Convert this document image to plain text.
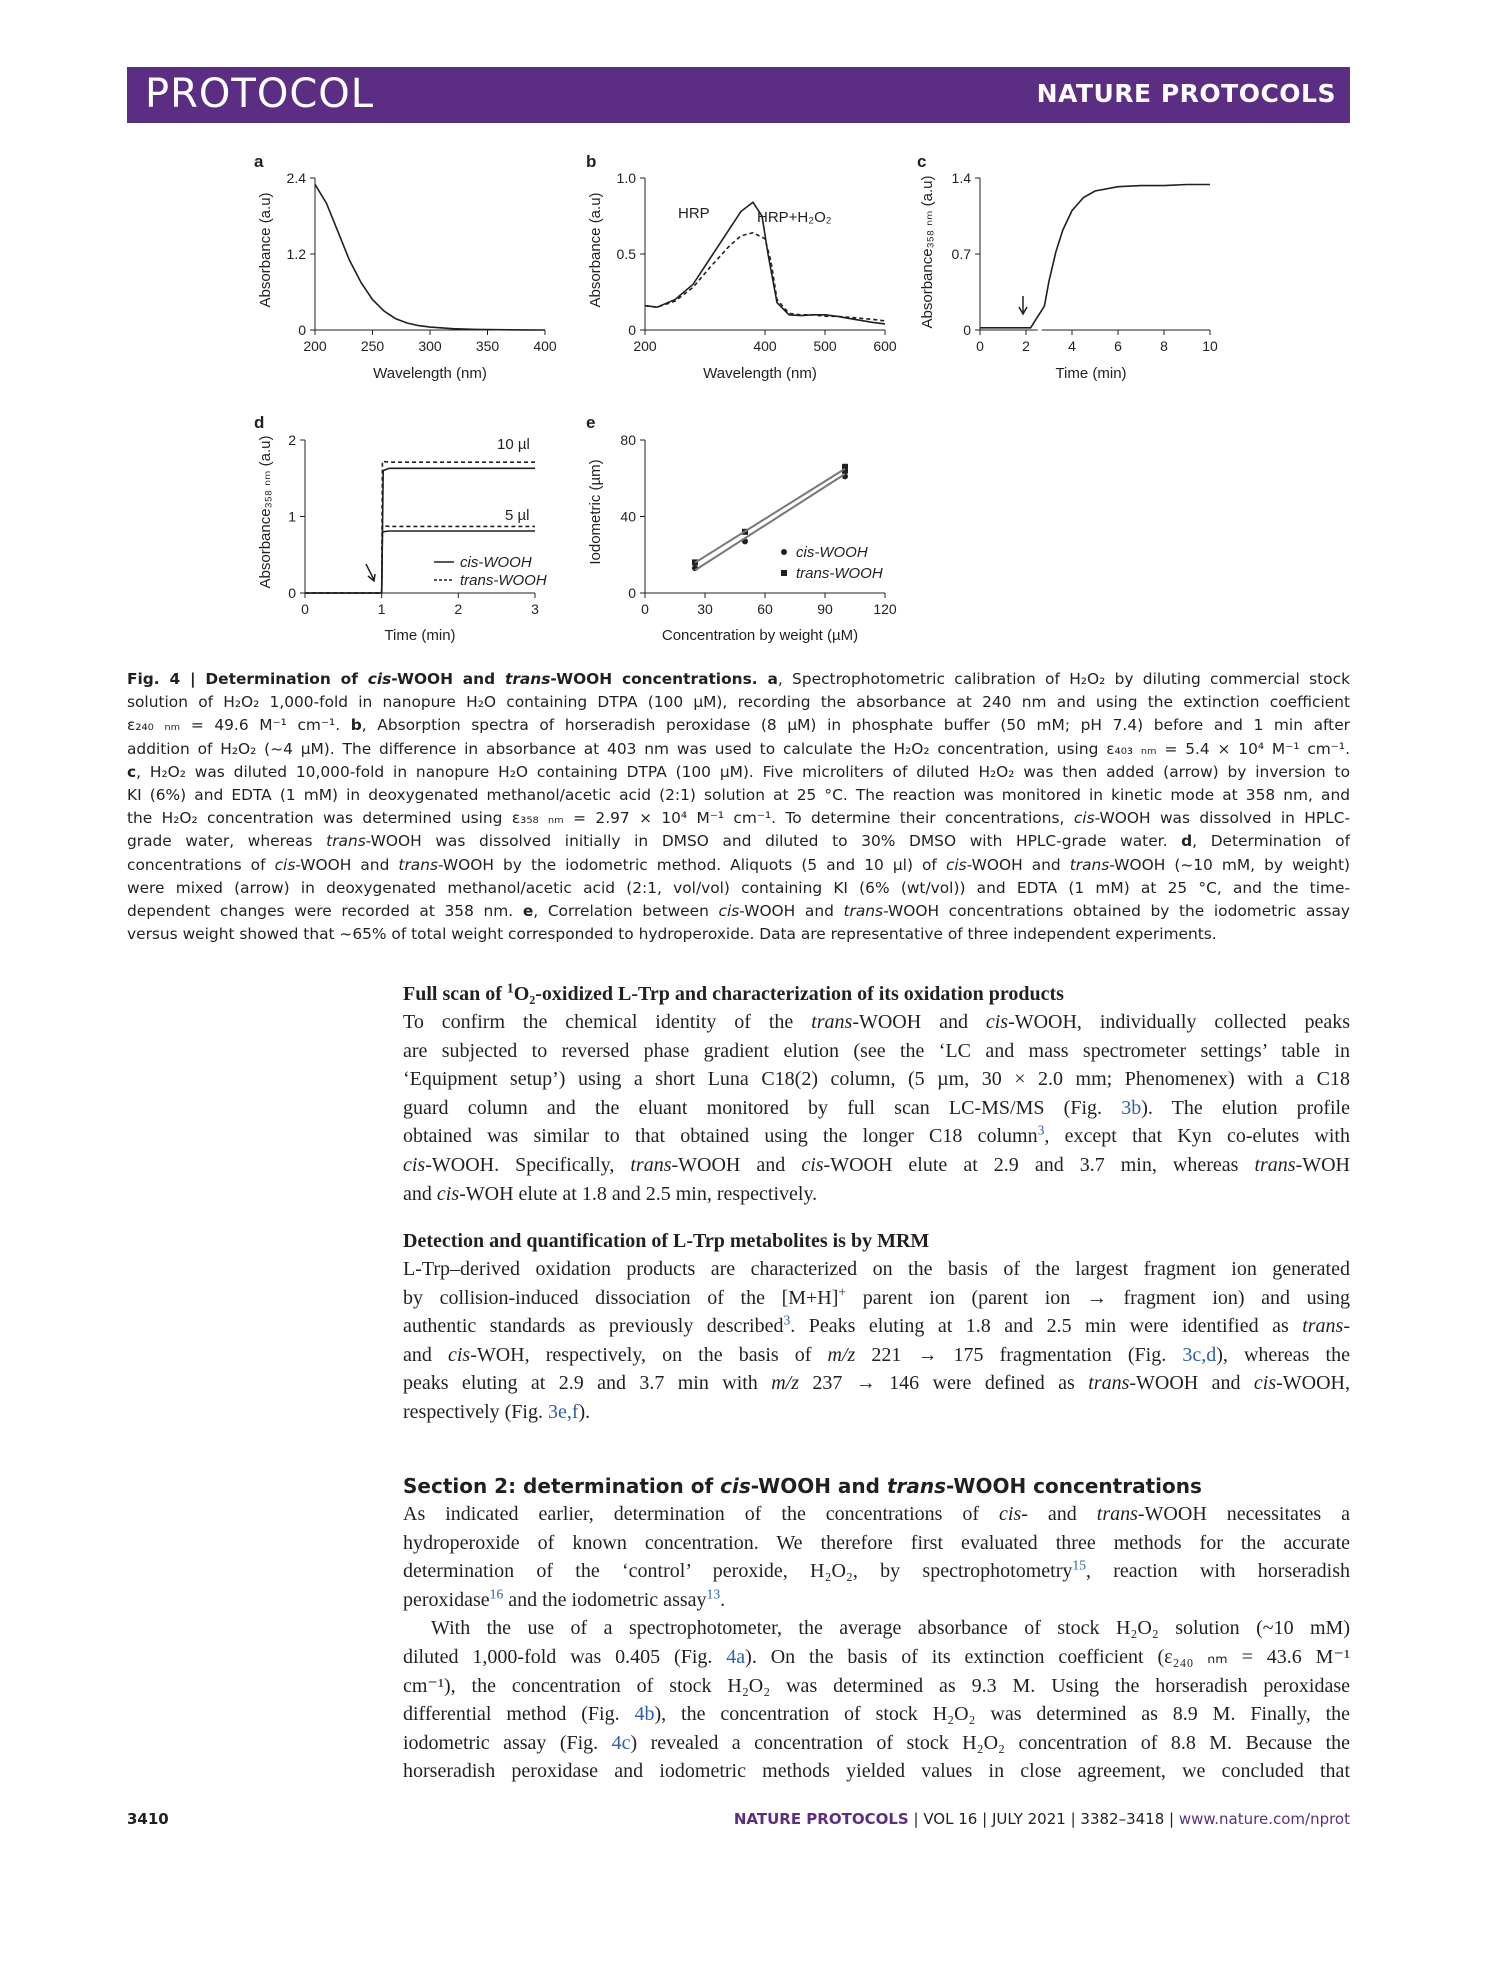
PROTOCOL	NATURE PROTOCOLS
a
Absorbance (a.u)
Wavelength (nm)
b
Absorbance (a.u)
Wavelength (nm)
HRP	HRP+H₂O₂
c
Absorbance₃₅₈ ₙₘ (a.u)
Time (min)
d
Absorbance₃₅₈ ₙₘ (a.u)
Time (min)
10 µl
5 µl
cis-WOOH
trans-WOOH
e
Iodometric (µm)
Concentration by weight (µM)
cis-WOOH
trans-WOOH
200 250 300 350 400
0
1.2
2.4
200	400	500	600
0
0.5
1.0
0	2	4	6	8 10
0
0.7
1.4
0	1	2	3
0
1
2
0	30	60	90	120
0
40
80
Fig. 4 | Determination of cis-WOOH and trans-WOOH concentrations. a, Spectrophotometric calibration of H₂O₂ by diluting commercial stock
solution of H₂O₂ 1,000-fold in nanopure H₂O containing DTPA (100 µM), recording the absorbance at 240 nm and using the extinction coefficient
ε₂₄₀ ₙₘ = 49.6 M⁻¹ cm⁻¹. b, Absorption spectra of horseradish peroxidase (8 µM) in phosphate buffer (50 mM; pH 7.4) before and 1 min after
addition of H₂O₂ (~4 µM). The difference in absorbance at 403 nm was used to calculate the H₂O₂ concentration, using ε₄₀₃ ₙₘ = 5.4 × 10⁴ M⁻¹ cm⁻¹.
c, H₂O₂ was diluted 10,000-fold in nanopure H₂O containing DTPA (100 µM). Five microliters of diluted H₂O₂ was then added (arrow) by inversion to
KI (6%) and EDTA (1 mM) in deoxygenated methanol/acetic acid (2:1) solution at 25 °C. The reaction was monitored in kinetic mode at 358 nm, and
the H₂O₂ concentration was determined using ε₃₅₈ ₙₘ = 2.97 × 10⁴ M⁻¹ cm⁻¹. To determine their concentrations, cis-WOOH was dissolved in HPLC-
grade water, whereas trans-WOOH was dissolved initially in DMSO and diluted to 30% DMSO with HPLC-grade water. d, Determination of
concentrations of cis-WOOH and trans-WOOH by the iodometric method. Aliquots (5 and 10 µl) of cis-WOOH and trans-WOOH (~10 mM, by weight)
were mixed (arrow) in deoxygenated methanol/acetic acid (2:1, vol/vol) containing KI (6% (wt/vol)) and EDTA (1 mM) at 25 °C, and the time-
dependent changes were recorded at 358 nm. e, Correlation between cis-WOOH and trans-WOOH concentrations obtained by the iodometric assay
versus weight showed that ~65% of total weight corresponded to hydroperoxide. Data are representative of three independent experiments.
Full scan of $^1$O₂-oxidized L-Trp and characterization of its oxidation products
To confirm the chemical identity of the trans-WOOH and cis-WOOH, individually collected peaks
are subjected to reversed phase gradient elution (see the ‘LC and mass spectrometer settings’ table in
‘Equipment setup’) using a short Luna C18(2) column, (5 µm, 30 × 2.0 mm; Phenomenex) with a C18
guard column and the eluant monitored by full scan LC-MS/MS (Fig. 3b). The elution profile
obtained was similar to that obtained using the longer C18 column$^3$, except that Kyn co-elutes with
cis-WOOH. Specifically, trans-WOOH and cis-WOOH elute at 2.9 and 3.7 min, whereas trans-WOH
and cis-WOH elute at 1.8 and 2.5 min, respectively.
Detection and quantification of L-Trp metabolites is by MRM
L-Trp–derived oxidation products are characterized on the basis of the largest fragment ion generated
by collision-induced dissociation of the [M+H]+ parent ion (parent ion → fragment ion) and using
authentic standards as previously described$^3$. Peaks eluting at 1.8 and 2.5 min were identified as trans-
and cis-WOH, respectively, on the basis of m/z 221 → 175 fragmentation (Fig. 3c,d), whereas the
peaks eluting at 2.9 and 3.7 min with m/z 237 → 146 were defined as trans-WOOH and cis-WOOH,
respectively (Fig. 3e,f).
Section 2: determination of cis-WOOH and trans-WOOH concentrations
As indicated earlier, determination of the concentrations of cis- and trans-WOOH necessitates a
hydroperoxide of known concentration. We therefore first evaluated three methods for the accurate
determination of the ‘control’ peroxide, H₂O₂, by spectrophotometry$^{15}$, reaction with horseradish
peroxidase$^{16}$ and the iodometric assay$^{13}$.
With the use of a spectrophotometer, the average absorbance of stock H₂O₂ solution (~10 mM)
diluted 1,000-fold was 0.405 (Fig. 4a). On the basis of its extinction coefficient (ε₂₄₀ ₙₘ = 43.6 M⁻¹
cm⁻¹), the concentration of stock H₂O₂ was determined as 9.3 M. Using the horseradish peroxidase
differential method (Fig. 4b), the concentration of stock H₂O₂ was determined as 8.9 M. Finally, the
iodometric assay (Fig. 4c) revealed a concentration of stock H₂O₂ concentration of 8.8 M. Because the
horseradish peroxidase and iodometric methods yielded values in close agreement, we concluded that
3410	NATURE PROTOCOLS | VOL 16 | JULY 2021 | 3382–3418 | www.nature.com/nprot
